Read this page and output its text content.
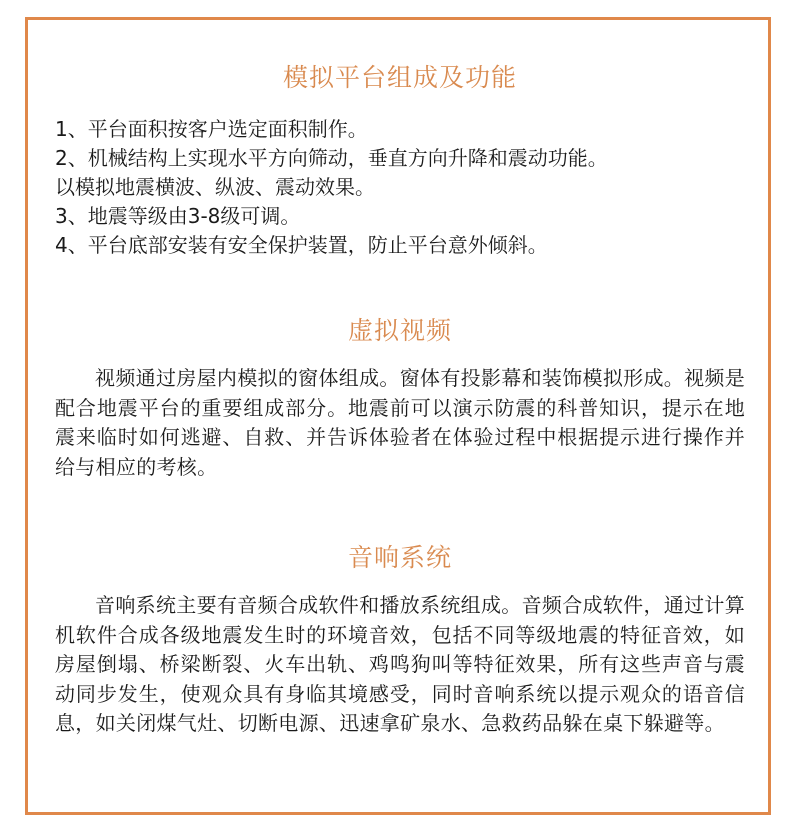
模拟平台组成及功能
1、平台面积按客户选定面积制作。
2、机械结构上实现水平方向筛动，垂直方向升降和震动功能。
以模拟地震横波、纵波、震动效果。
3、地震等级由3-8级可调。
4、平台底部安装有安全保护装置，防止平台意外倾斜。
虚拟视频

视频通过房屋内模拟的窗体组成。窗体有投影幕和装饰模拟形成。视频是配合地震平台的重要组成部分。地震前可以演示防震的科普知识，提示在地震来临时如何逃避、自救、并告诉体验者在体验过程中根据提示进行操作并给与相应的考核。

音响系统

音响系统主要有音频合成软件和播放系统组成。音频合成软件，通过计算机软件合成各级地震发生时的环境音效，包括不同等级地震的特征音效，如房屋倒塌、桥梁断裂、火车出轨、鸡鸣狗叫等特征效果，所有这些声音与震动同步发生，使观众具有身临其境感受，同时音响系统以提示观众的语音信息，如关闭煤气灶、切断电源、迅速拿矿泉水、急救药品躲在桌下躲避等。
